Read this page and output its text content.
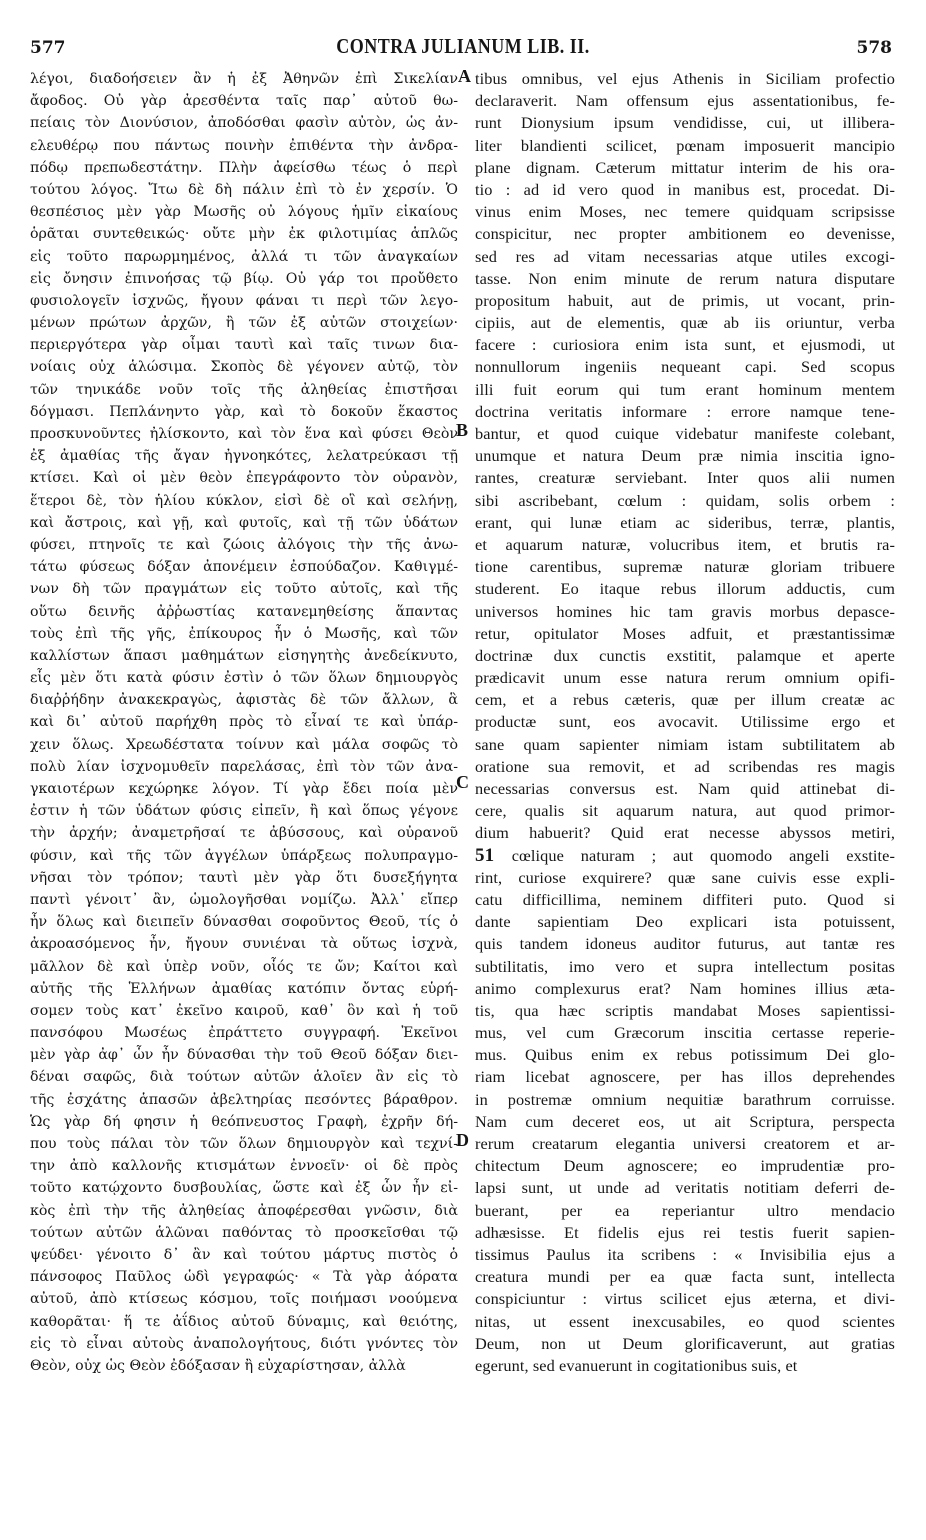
577	CONTRA JULIANUM LIB. II.	578
λέγοι, διαδοήσειεν ἂν ἡ ἐξ Ἀθηνῶν ἐπὶ Σικελίαν
ἄφοδος. Οὐ γὰρ ἀρεσθέντα ταῖς παρ᾽ αὐτοῦ θω-
πείαις τὸν Διονύσιον, ἀποδόσθαι φασὶν αὐτὸν, ὡς ἀν-
ελευθέρῳ που πάντως ποινὴν ἐπιθέντα τὴν ἀνδρα-
πόδῳ πρεπωδεστάτην. Πλὴν ἀφείσθω τέως ὁ περὶ
τούτου λόγος. Ἴτω δὲ δὴ πάλιν ἐπὶ τὸ ἐν χερσίν. Ὁ
θεσπέσιος μὲν γὰρ Μωσῆς οὐ λόγους ἡμῖν εἰκαίους
ὁρᾶται συντεθεικώς· οὔτε μὴν ἐκ φιλοτιμίας ἁπλῶς
εἰς τοῦτο παρωρμημένος, ἀλλά τι τῶν ἀναγκαίων
εἰς ὄνησιν ἐπινοήσας τῷ βίῳ. Οὐ γάρ τοι προὔθετο
φυσιολογεῖν ἰσχνῶς, ἤγουν φάναι τι περὶ τῶν λεγο-
μένων πρώτων ἀρχῶν, ἢ τῶν ἐξ αὐτῶν στοιχείων·
περιεργότερα γὰρ οἶμαι ταυτὶ καὶ ταῖς τινων δια-
νοίαις οὐχ ἁλώσιμα. Σκοπὸς δὲ γέγονεν αὐτῷ, τὸν
τῶν τηνικάδε νοῦν τοῖς τῆς ἀληθείας ἐπιστῆσαι
δόγμασι. Πεπλάνηντο γὰρ, καὶ τὸ δοκοῦν ἕκαστος
προσκυνοῦντες ἠλίσκοντο, καὶ τὸν ἕνα καὶ φύσει Θεὸν
ἐξ ἀμαθίας τῆς ἄγαν ἠγνοηκότες, λελατρεύκασι τῇ
κτίσει. Καὶ οἱ μὲν θεὸν ἐπεγράφοντο τὸν οὐρανὸν,
ἕτεροι δὲ, τὸν ἡλίου κύκλον, εἰσὶ δὲ οἳ καὶ σελήνῃ,
καὶ ἄστροις, καὶ γῇ, καὶ φυτοῖς, καὶ τῇ τῶν ὑδάτων
φύσει, πτηνοῖς τε καὶ ζώοις ἀλόγοις τὴν τῆς ἀνω-
τάτω φύσεως δόξαν ἀπονέμειν ἐσπούδαζον. Καθιγμέ-
νων δὴ τῶν πραγμάτων εἰς τοῦτο αὐτοῖς, καὶ τῆς
οὕτω δεινῆς ἀῤῥωστίας κατανεμηθείσης ἅπαντας
τοὺς ἐπὶ τῆς γῆς, ἐπίκουρος ἦν ὁ Μωσῆς, καὶ τῶν
καλλίστων ἅπασι μαθημάτων εἰσηγητὴς ἀνεδείκνυτο,
εἷς μὲν ὅτι κατὰ φύσιν ἐστὶν ὁ τῶν ὅλων δημιουργὸς
διαῤῥήδην ἀνακεκραγὼς, ἀφιστὰς δὲ τῶν ἄλλων, ἃ
καὶ δι᾽ αὐτοῦ παρήχθη πρὸς τὸ εἶναί τε καὶ ὑπάρ-
χειν ὅλως. Χρεωδέστατα τοίνυν καὶ μάλα σοφῶς τὸ
πολὺ λίαν ἰσχνομυθεῖν παρελάσας, ἐπὶ τὸν τῶν ἀνα-
γκαιοτέρων κεχώρηκε λόγον. Τί γὰρ ἔδει ποία μὲν
ἐστιν ἡ τῶν ὑδάτων φύσις εἰπεῖν, ἢ καὶ ὅπως γέγονε
τὴν ἀρχήν; ἀναμετρῆσαί τε ἀβύσσους, καὶ οὐρανοῦ
φύσιν, καὶ τῆς τῶν ἀγγέλων ὑπάρξεως πολυπραγμο-
νῆσαι τὸν τρόπον; ταυτὶ μὲν γὰρ ὅτι δυσεξήγητα
παντὶ γένοιτ᾽ ἂν, ὡμολογῆσθαι νομίζω. Ἀλλ᾽ εἴπερ
ἦν ὅλως καὶ διειπεῖν δύνασθαι σοφοῦντος Θεοῦ, τίς ὁ
ἀκροασόμενος ἦν, ἤγουν συνιέναι τὰ οὕτως ἰσχνὰ,
μᾶλλον δὲ καὶ ὑπὲρ νοῦν, οἷός τε ὤν; Καίτοι καὶ
αὐτῆς τῆς Ἑλλήνων ἀμαθίας κατόπιν ὄντας εὑρή-
σομεν τοὺς κατ᾽ ἐκεῖνο καιροῦ, καθ᾽ ὃν καὶ ἡ τοῦ
πανσόφου Μωσέως ἐπράττετο συγγραφή. Ἐκεῖνοι
μὲν γὰρ ἀφ᾽ ὧν ἦν δύνασθαι τὴν τοῦ Θεοῦ δόξαν διει-
δέναι σαφῶς, διὰ τούτων αὐτῶν ἁλοῖεν ἂν εἰς τὸ
τῆς ἐσχάτης ἁπασῶν ἀβελτηρίας πεσόντες βάραθρον.
Ὡς γὰρ δή φησιν ἡ θεόπνευστος Γραφὴ, ἐχρῆν δή-
που τοὺς πάλαι τὸν τῶν ὅλων δημιουργὸν καὶ τεχνί-
την ἀπὸ καλλονῆς κτισμάτων ἐννοεῖν· οἱ δὲ πρὸς
τοῦτο κατῴχοντο δυσβουλίας, ὥστε καὶ ἐξ ὧν ἦν εἰ-
κὸς ἐπὶ τὴν τῆς ἀληθείας ἀποφέρεσθαι γνῶσιν, διὰ
τούτων αὐτῶν ἁλῶναι παθόντας τὸ προσκεῖσθαι τῷ
ψεύδει· γένοιτο δ᾽ ἂν καὶ τούτου μάρτυς πιστὸς ὁ
πάνσοφος Παῦλος ὡδὶ γεγραφώς· « Τὰ γὰρ ἀόρατα
αὐτοῦ, ἀπὸ κτίσεως κόσμου, τοῖς ποιήμασι νοούμενα
καθορᾶται· ἥ τε ἀΐδιος αὐτοῦ δύναμις, καὶ θειότης,
εἰς τὸ εἶναι αὐτοὺς ἀναπολογήτους, διότι γνόντες τὸν
Θεὸν, οὐχ ὡς Θεὸν ἐδόξασαν ἢ εὐχαρίστησαν, ἀλλὰ
tibus omnibus, vel ejus Athenis in Siciliam profectio
declaraverit. Nam offensum ejus assentationibus, fe-
runt Dionysium ipsum vendidisse, cui, ut illibera-
liter blandienti scilicet, pœnam imposuerit mancipio
plane dignam. Cæterum mittatur interim de his ora-
tio : ad id vero quod in manibus est, procedat. Di-
vinus enim Moses, nec temere quidquam scripsisse
conspicitur, nec propter ambitionem eo devenisse,
sed res ad vitam necessarias atque utiles excogi-
tasse. Non enim minute de rerum natura disputare
propositum habuit, aut de primis, ut vocant, prin-
cipiis, aut de elementis, quæ ab iis oriuntur, verba
facere : curiosiora enim ista sunt, et ejusmodi, ut
nonnullorum ingeniis nequeant capi. Sed scopus
illi fuit eorum qui tum erant hominum mentem
doctrina veritatis informare : errore namque tene-
bantur, et quod cuique videbatur manifeste colebant,
unumque et natura Deum præ nimia inscitia igno-
rantes, creaturæ serviebant. Inter quos alii numen
sibi ascribebant, cœlum : quidam, solis orbem :
erant, qui lunæ etiam ac sideribus, terræ, plantis,
et aquarum naturæ, volucribus item, et brutis ra-
tione carentibus, supremæ naturæ gloriam tribuere
studerent. Eo itaque rebus illorum adductis, cum
universos homines hic tam gravis morbus depasce-
retur, opitulator Moses adfuit, et præstantissimæ
doctrinæ dux cunctis exstitit, palamque et aperte
prædicavit unum esse natura rerum omnium opifi-
cem, et a rebus cæteris, quæ per illum creatæ ac
productæ sunt, eos avocavit. Utilissime ergo et
sane quam sapienter nimiam istam subtilitatem ab
oratione sua removit, et ad scribendas res magis
necessarias conversus est. Nam quid attinebat di-
cere, qualis sit aquarum natura, aut quod primor-
dium habuerit? Quid erat necesse abyssos metiri,
51 cœlique naturam ; aut quomodo angeli exstite-
rint, curiose exquirere? quæ sane cuivis esse expli-
catu difficillima, neminem diffiteri puto. Quod si
dante sapientiam Deo explicari ista potuissent,
quis tandem idoneus auditor futurus, aut tantæ res
subtilitatis, imo vero et supra intellectum positas
animo complexurus erat? Nam homines illius æta-
tis, qua hæc scriptis mandabat Moses sapientissi-
mus, vel cum Græcorum inscitia certasse reperie-
mus. Quibus enim ex rebus potissimum Dei glo-
riam licebat agnoscere, per has illos deprehendes
in postremæ omnium nequitiæ barathrum corruisse.
Nam cum deceret eos, ut ait Scriptura, perspecta
rerum creatarum elegantia universi creatorem et ar-
chitectum Deum agnoscere; eo imprudentiæ pro-
lapsi sunt, ut unde ad veritatis notitiam deferri de-
buerant, per ea reperiantur ultro mendacio
adhæsisse. Et fidelis ejus rei testis fuerit sapien-
tissimus Paulus ita scribens : « Invisibilia ejus a
creatura mundi per ea quæ facta sunt, intellecta
conspiciuntur : virtus scilicet ejus æterna, et divi-
nitas, ut essent inexcusabiles, eo quod scientes
Deum, non ut Deum glorificaverunt, aut gratias
egerunt, sed evanuerunt in cogitationibus suis, et
A
B
C
D
